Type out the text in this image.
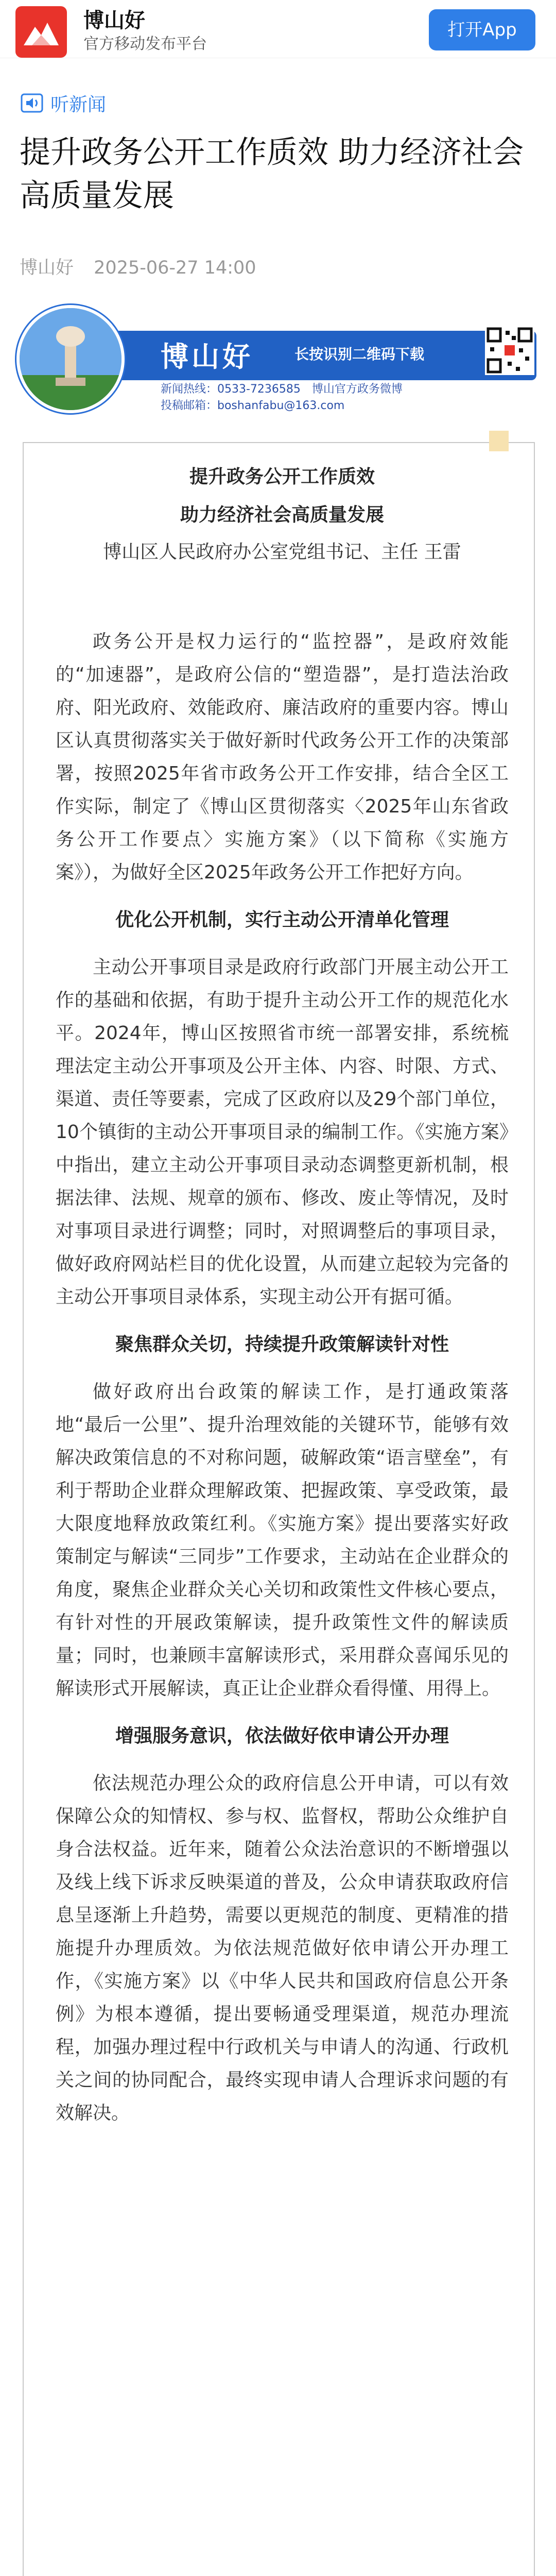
博山好
官方移动发布平台
打开App
听新闻
提升政务公开工作质效 助力经济社会高质量发展
博山好 2025-06-27 14:00
博山好	长按识别二维码下载
新闻热线：0533-7236585　博山官方政务微博
投稿邮箱：boshanfabu@163.com
提升政务公开工作质效
助力经济社会高质量发展
博山区人民政府办公室党组书记、主任 王雷

政务公开是权力运行的“监控器”，是政府效能的“加速器”，是政府公信的“塑造器”，是打造法治政府、阳光政府、效能政府、廉洁政府的重要内容。博山区认真贯彻落实关于做好新时代政务公开工作的决策部署，按照2025年省市政务公开工作安排，结合全区工作实际，制定了《博山区贯彻落实〈2025年山东省政务公开工作要点〉实施方案》（以下简称《实施方案》），为做好全区2025年政务公开工作把好方向。

优化公开机制，实行主动公开清单化管理

主动公开事项目录是政府行政部门开展主动公开工作的基础和依据，有助于提升主动公开工作的规范化水平。2024年，博山区按照省市统一部署安排，系统梳理法定主动公开事项及公开主体、内容、时限、方式、渠道、责任等要素，完成了区政府以及29个部门单位，10个镇街的主动公开事项目录的编制工作。《实施方案》中指出，建立主动公开事项目录动态调整更新机制，根据法律、法规、规章的颁布、修改、废止等情况，及时对事项目录进行调整；同时，对照调整后的事项目录，做好政府网站栏目的优化设置，从而建立起较为完备的主动公开事项目录体系，实现主动公开有据可循。

聚焦群众关切，持续提升政策解读针对性

做好政府出台政策的解读工作，是打通政策落地“最后一公里”、提升治理效能的关键环节，能够有效解决政策信息的不对称问题，破解政策“语言壁垒”，有利于帮助企业群众理解政策、把握政策、享受政策，最大限度地释放政策红利。《实施方案》提出要落实好政策制定与解读“三同步”工作要求，主动站在企业群众的角度，聚焦企业群众关心关切和政策性文件核心要点，有针对性的开展政策解读，提升政策性文件的解读质量；同时，也兼顾丰富解读形式，采用群众喜闻乐见的解读形式开展解读，真正让企业群众看得懂、用得上。

增强服务意识，依法做好依申请公开办理

依法规范办理公众的政府信息公开申请，可以有效保障公众的知情权、参与权、监督权，帮助公众维护自身合法权益。近年来，随着公众法治意识的不断增强以及线上线下诉求反映渠道的普及，公众申请获取政府信息呈逐渐上升趋势，需要以更规范的制度、更精准的措施提升办理质效。为依法规范做好依申请公开办理工作，《实施方案》以《中华人民共和国政府信息公开条例》为根本遵循，提出要畅通受理渠道，规范办理流程，加强办理过程中行政机关与申请人的沟通、行政机关之间的协同配合，最终实现申请人合理诉求问题的有效解决。
